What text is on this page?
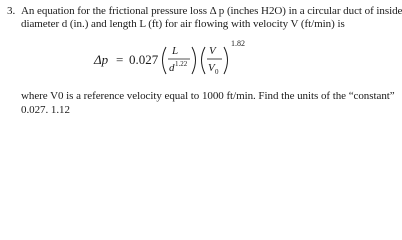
3. An equation for the frictional pressure loss Δ p (inches H2O) in a circular duct of inside
diameter d (in.) and length L (ft) for air flowing with velocity V (ft/min) is
Δp = 0.027
L
d 1.22
V
V 0
1.82
where V0 is a reference velocity equal to 1000 ft/min. Find the units of the “constant”
0.027. 1.12
